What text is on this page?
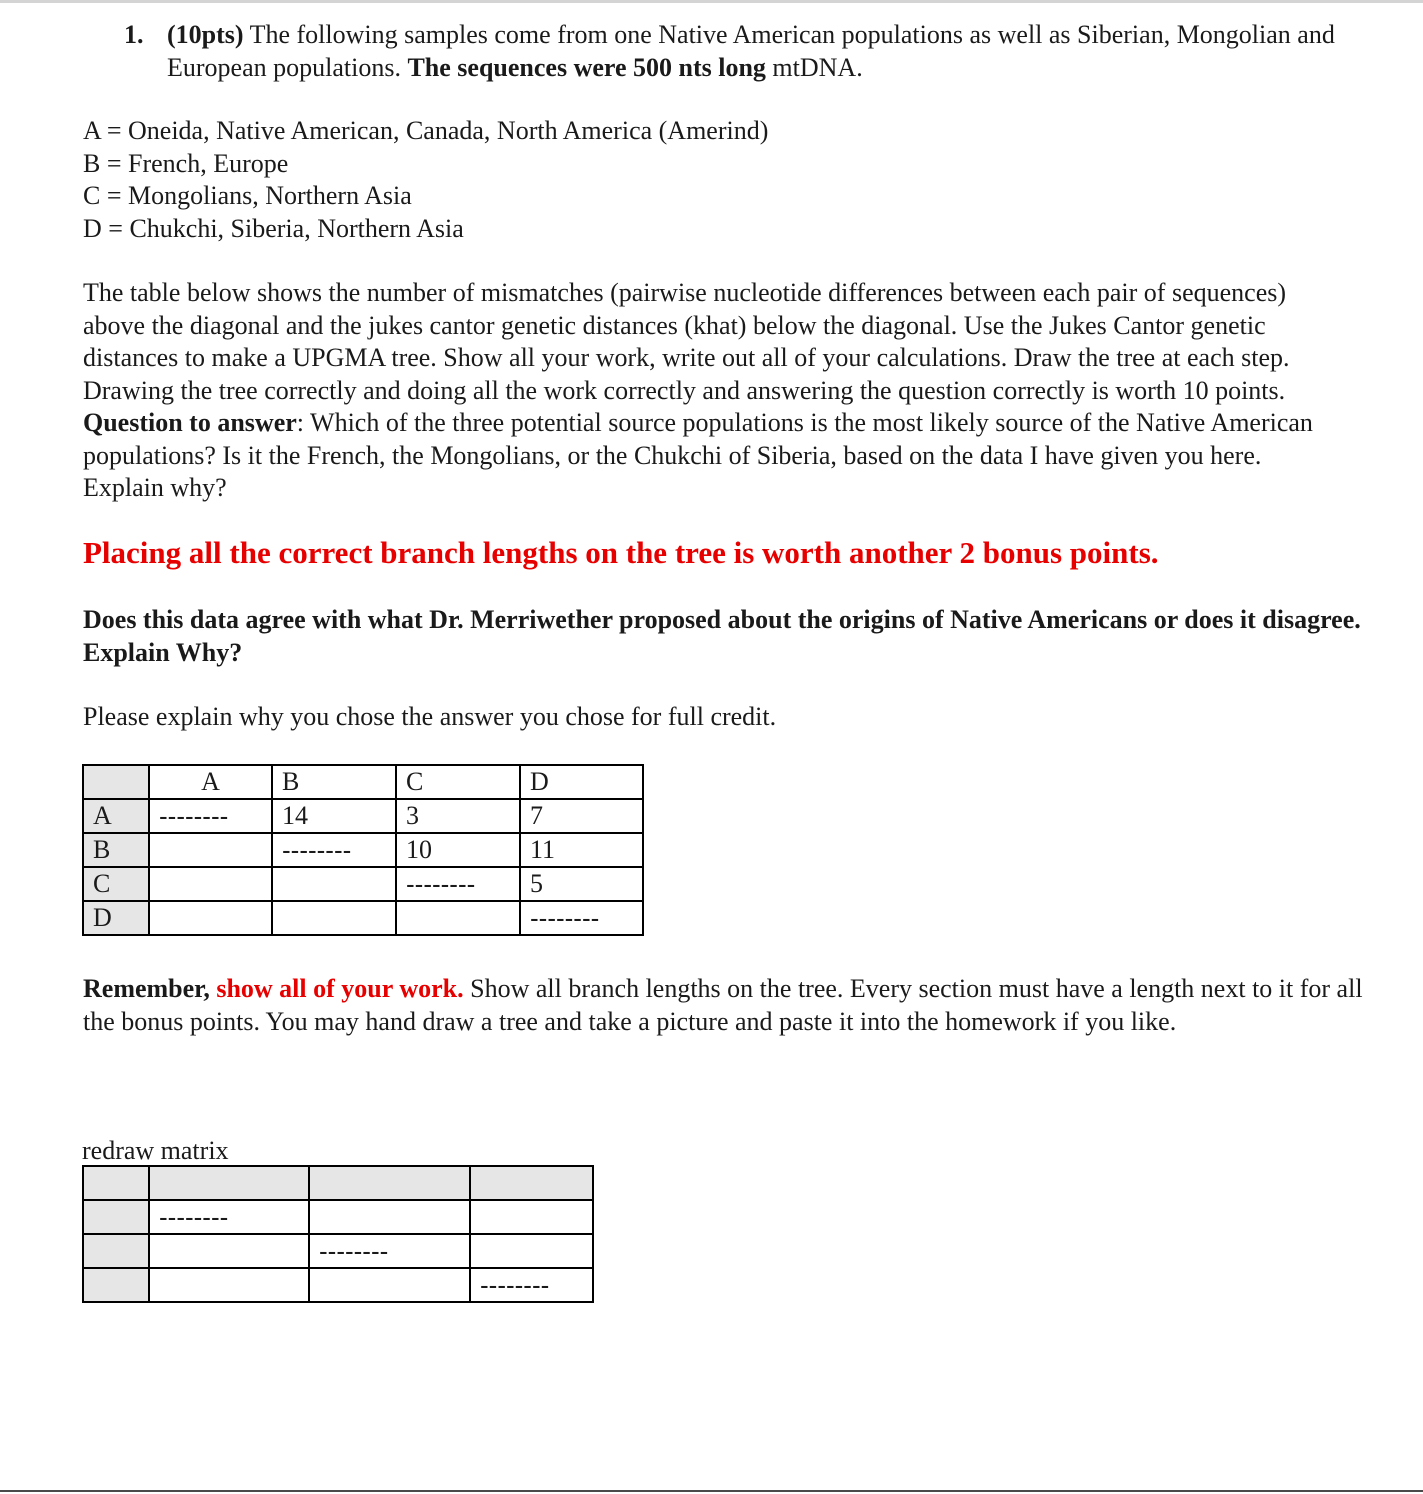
1. (10pts) The following samples come from one Native American populations as well as Siberian, Mongolian and European populations. The sequences were 500 nts long mtDNA.
A = Oneida, Native American, Canada, North America (Amerind)
B = French, Europe
C = Mongolians, Northern Asia
D = Chukchi, Siberia, Northern Asia
The table below shows the number of mismatches (pairwise nucleotide differences between each pair of sequences) above the diagonal and the jukes cantor genetic distances (khat) below the diagonal. Use the Jukes Cantor genetic distances to make a UPGMA tree. Show all your work, write out all of your calculations. Draw the tree at each step. Drawing the tree correctly and doing all the work correctly and answering the question correctly is worth 10 points. Question to answer: Which of the three potential source populations is the most likely source of the Native American populations? Is it the French, the Mongolians, or the Chukchi of Siberia, based on the data I have given you here. Explain why?
Placing all the correct branch lengths on the tree is worth another 2 bonus points.
Does this data agree with what Dr. Merriwether proposed about the origins of Native Americans or does it disagree. Explain Why?
Please explain why you chose the answer you chose for full credit.
	A	B	C	D
A	--------	14	3	7
B		--------	10	11
C			--------	5
D				--------
Remember, show all of your work. Show all branch lengths on the tree. Every section must have a length next to it for all the bonus points. You may hand draw a tree and take a picture and paste it into the homework if you like.
redraw matrix

	--------		
		--------	
			--------
